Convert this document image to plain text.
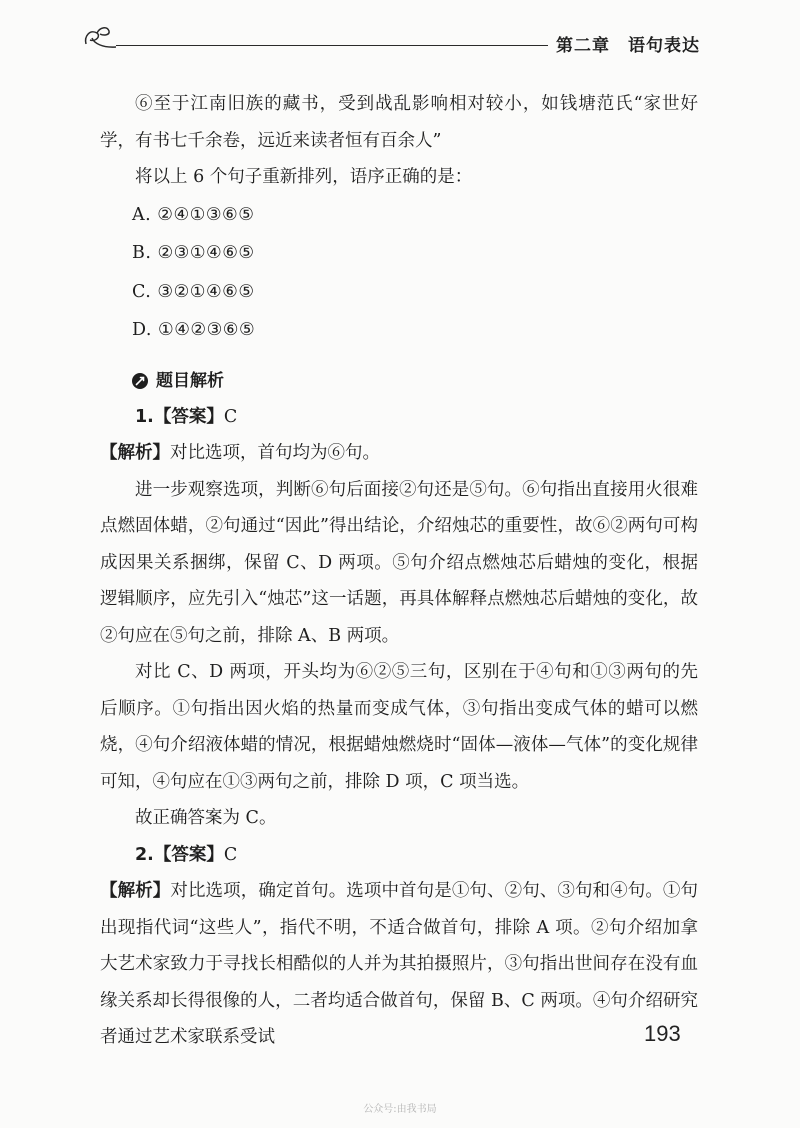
第二章　语句表达

⑥至于江南旧族的藏书，受到战乱影响相对较小，如钱塘范氏“家世好学，有书七千余卷，远近来读者恒有百余人”

将以上 6 个句子重新排列，语序正确的是：

A. ②④①③⑥⑤

B. ②③①④⑥⑤

C. ③②①④⑥⑤

D. ①④②③⑥⑤

题目解析

1.【答案】C

【解析】对比选项，首句均为⑥句。

进一步观察选项，判断⑥句后面接②句还是⑤句。⑥句指出直接用火很难点燃固体蜡，②句通过“因此”得出结论，介绍烛芯的重要性，故⑥②两句可构成因果关系捆绑，保留 C、D 两项。⑤句介绍点燃烛芯后蜡烛的变化，根据逻辑顺序，应先引入“烛芯”这一话题，再具体解释点燃烛芯后蜡烛的变化，故②句应在⑤句之前，排除 A、B 两项。

对比 C、D 两项，开头均为⑥②⑤三句，区别在于④句和①③两句的先后顺序。①句指出因火焰的热量而变成气体，③句指出变成气体的蜡可以燃烧，④句介绍液体蜡的情况，根据蜡烛燃烧时“固体—液体—气体”的变化规律可知，④句应在①③两句之前，排除 D 项，C 项当选。

故正确答案为 C。

2.【答案】C

【解析】对比选项，确定首句。选项中首句是①句、②句、③句和④句。①句出现指代词“这些人”，指代不明，不适合做首句，排除 A 项。②句介绍加拿大艺术家致力于寻找长相酷似的人并为其拍摄照片，③句指出世间存在没有血缘关系却长得很像的人，二者均适合做首句，保留 B、C 两项。④句介绍研究者通过艺术家联系受试	193
公众号:由我书局
